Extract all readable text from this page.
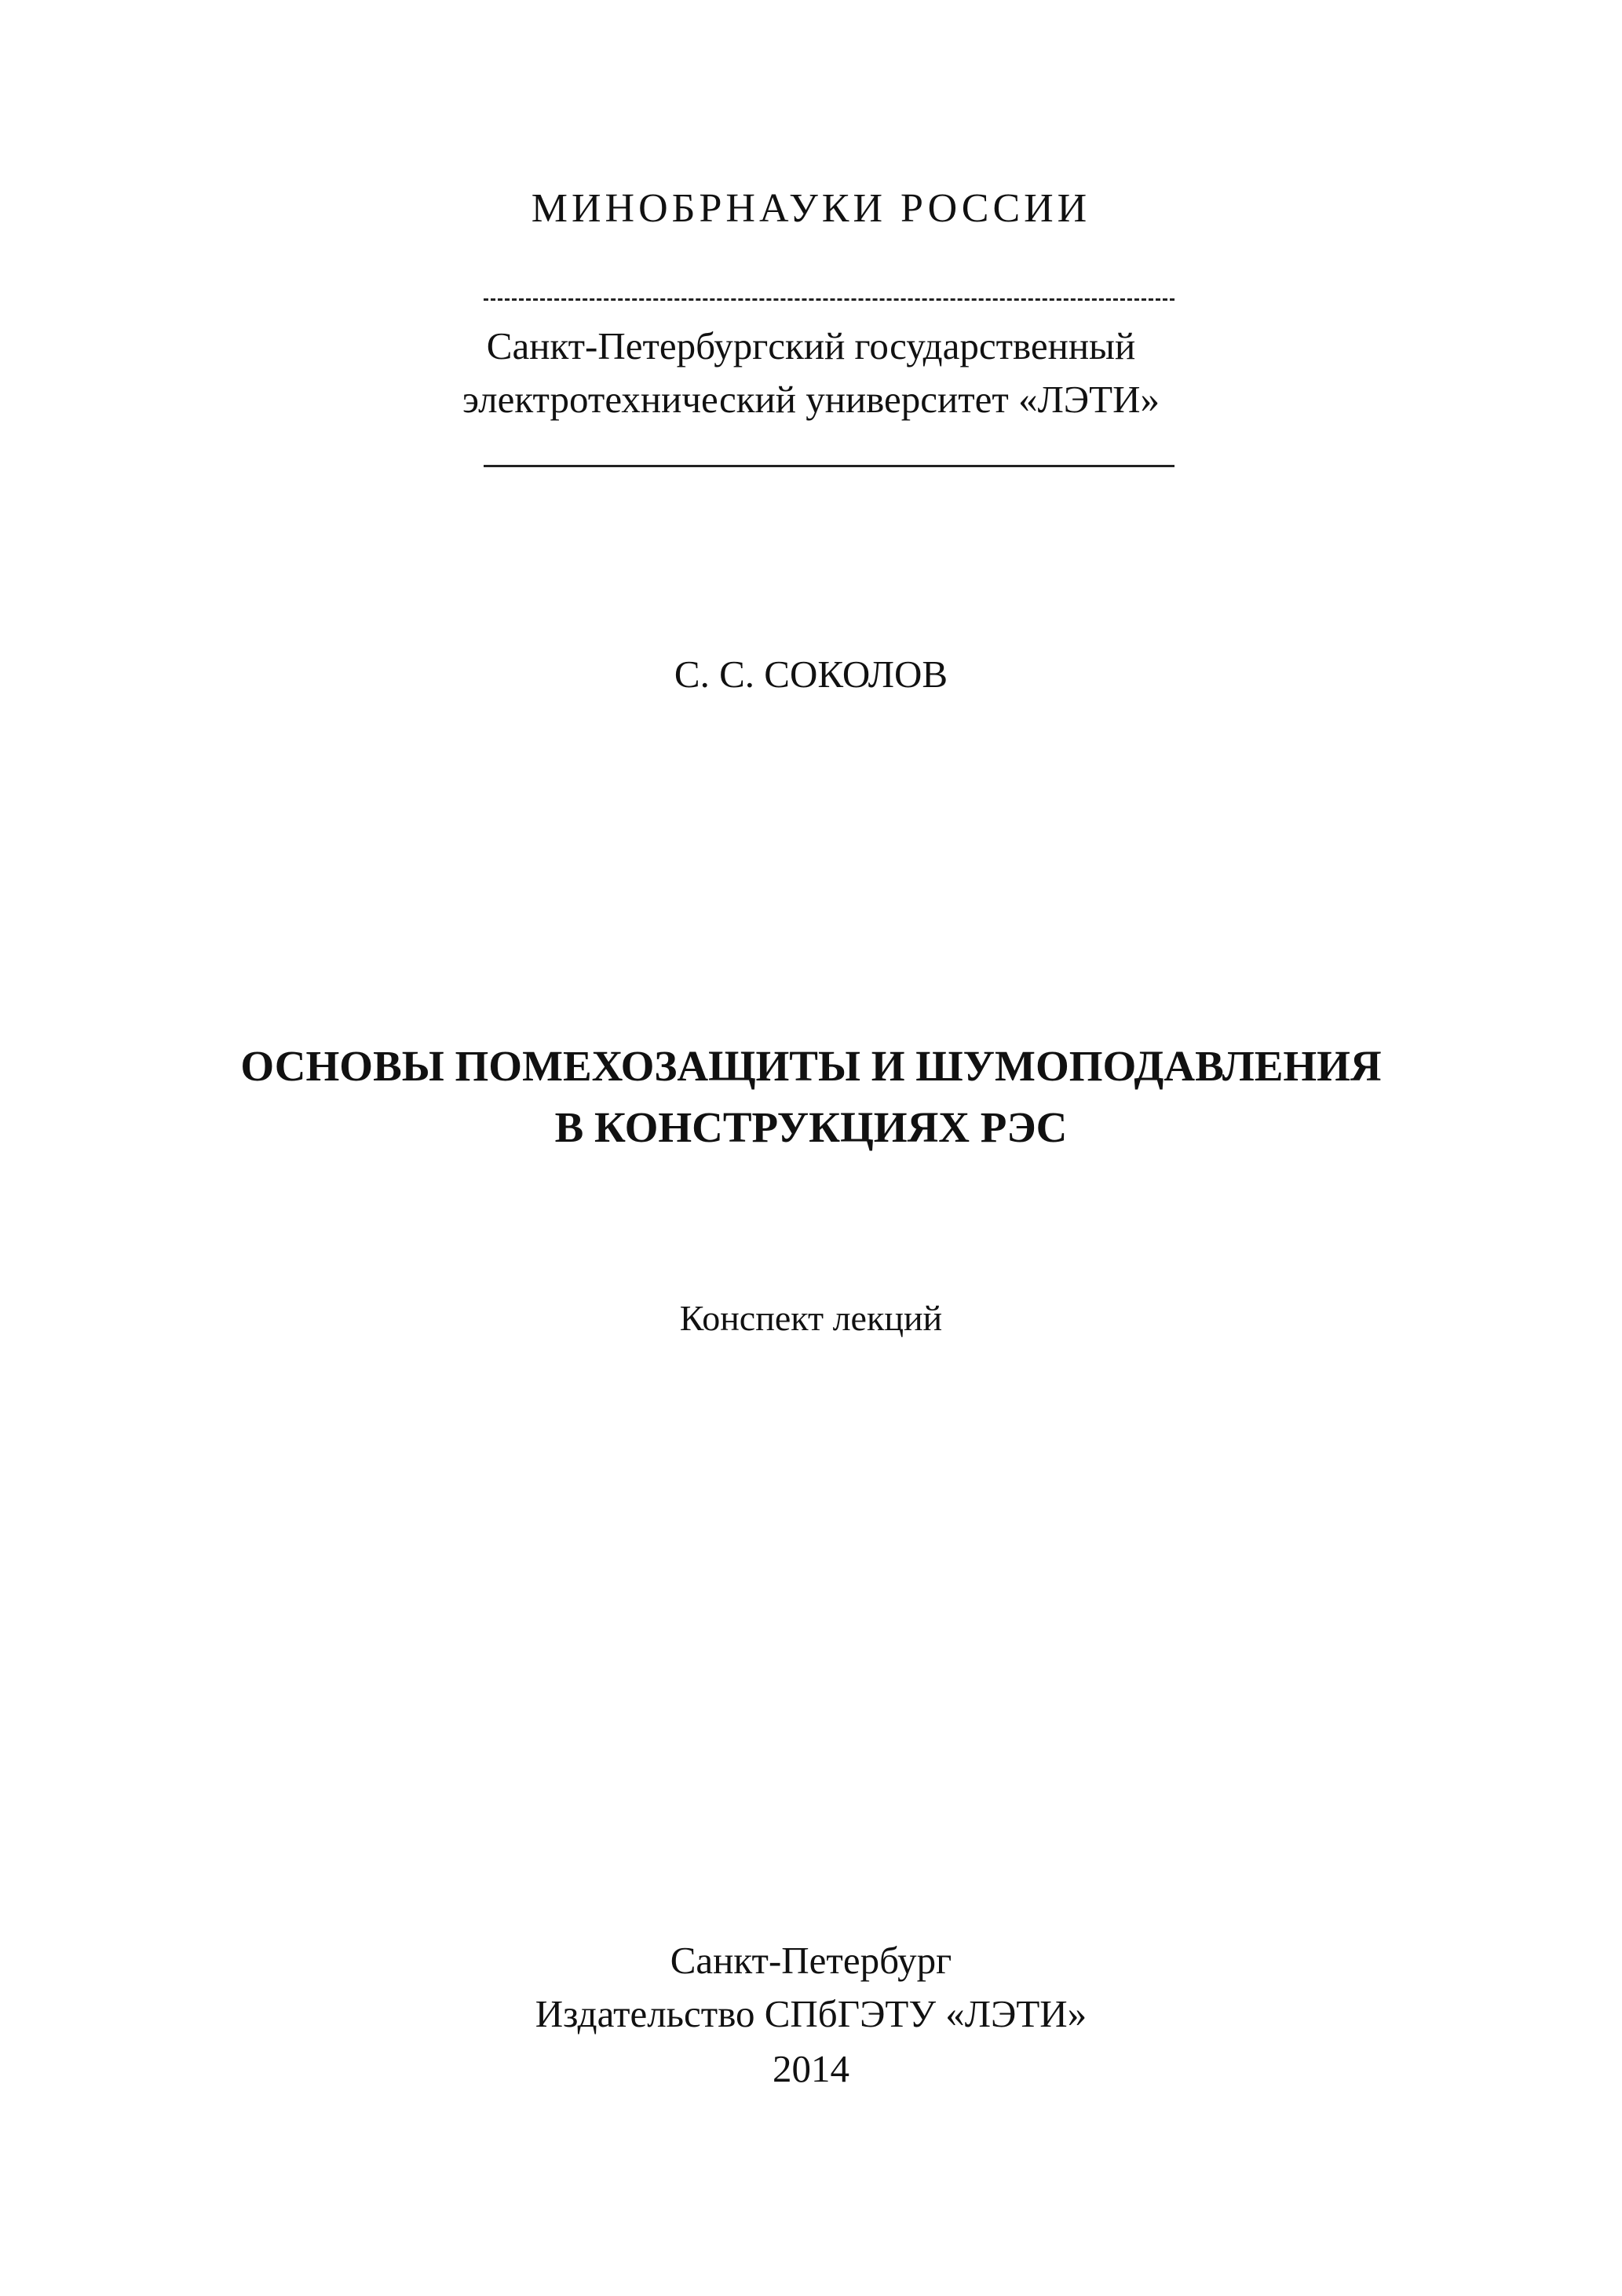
МИНОБРНАУКИ РОССИИ
Санкт-Петербургский государственный
электротехнический университет «ЛЭТИ»
С. С. СОКОЛОВ
ОСНОВЫ ПОМЕХОЗАЩИТЫ И ШУМОПОДАВЛЕНИЯ
В КОНСТРУКЦИЯХ РЭС
Конспект лекций
Санкт-Петербург
Издательство СПбГЭТУ «ЛЭТИ»
2014
